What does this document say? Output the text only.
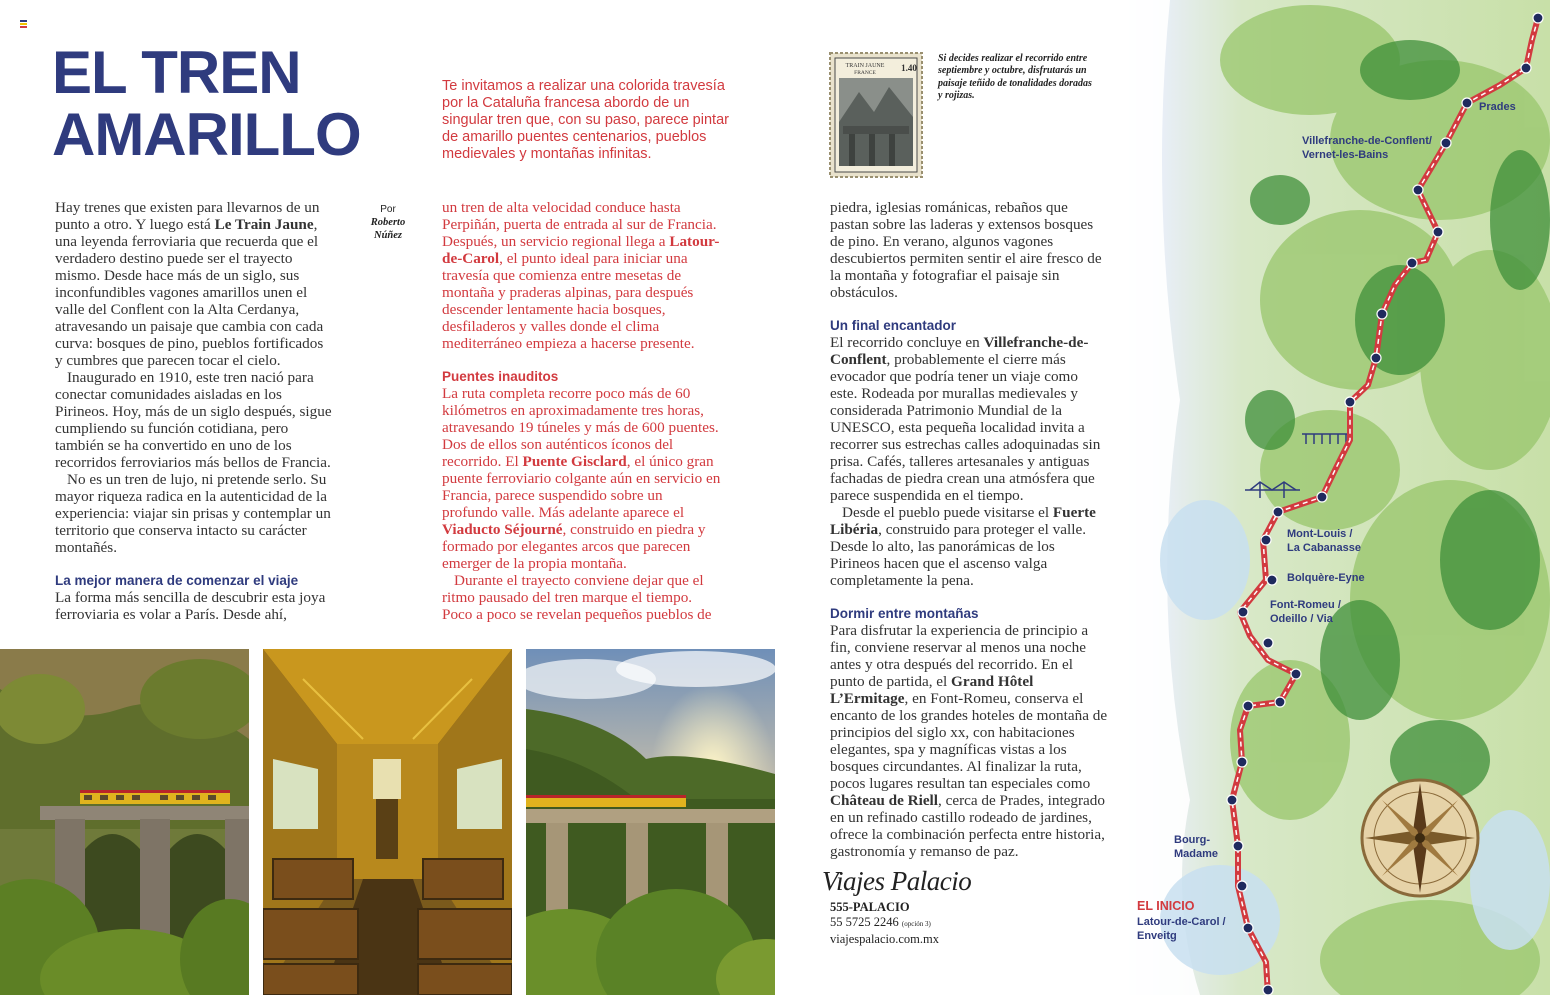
EL TREN
AMARILLO
Te invitamos a realizar una colorida travesía por la Cataluña francesa abordo de un singular tren que, con su paso, parece pintar de amarillo puentes centenarios, pueblos medievales y montañas infinitas.
Por
Roberto Núñez

Hay trenes que existen para llevarnos de un punto a otro. Y luego está Le Train Jaune, una leyenda ferroviaria que recuerda que el verdadero destino puede ser el trayecto mismo. Desde hace más de un siglo, sus inconfundibles vagones amarillos unen el valle del Conflent con la Alta Cerdanya, atravesando un paisaje que cambia con cada curva: bosques de pino, pueblos fortificados y cumbres que parecen tocar el cielo.

Inaugurado en 1910, este tren nació para conectar comunidades aisladas en los Pirineos. Hoy, más de un siglo después, sigue cumpliendo su función cotidiana, pero también se ha convertido en uno de los recorridos ferroviarios más bellos de Francia.

No es un tren de lujo, ni pretende serlo. Su mayor riqueza radica en la autenticidad de la experiencia: viajar sin prisas y contemplar un territorio que conserva intacto su carácter montañés.

La mejor manera de comenzar el viaje

La forma más sencilla de descubrir esta joya ferroviaria es volar a París. Desde ahí,

un tren de alta velocidad conduce hasta Perpiñán, puerta de entrada al sur de Francia. Después, un servicio regional llega a Latour-de-Carol, el punto ideal para iniciar una travesía que comienza entre mesetas de montaña y praderas alpinas, para después descender lentamente hacia bosques, desfiladeros y valles donde el clima mediterráneo empieza a hacerse presente.

Puentes inauditos

La ruta completa recorre poco más de 60 kilómetros en aproximadamente tres horas, atravesando 19 túneles y más de 600 puentes. Dos de ellos son auténticos íconos del recorrido. El Puente Gisclard, el único gran puente ferroviario colgante aún en servicio en Francia, parece suspendido sobre un profundo valle. Más adelante aparece el Viaducto Séjourné, construido en piedra y formado por elegantes arcos que parecen emerger de la propia montaña.

Durante el trayecto conviene dejar que el ritmo pausado del tren marque el tiempo. Poco a poco se revelan pequeños pueblos de

piedra, iglesias románicas, rebaños que pastan sobre las laderas y extensos bosques de pino. En verano, algunos vagones descubiertos permiten sentir el aire fresco de la montaña y fotografiar el paisaje sin obstáculos.

Un final encantador

El recorrido concluye en Villefranche-de-Conflent, probablemente el cierre más evocador que podría tener un viaje como este. Rodeada por murallas medievales y considerada Patrimonio Mundial de la UNESCO, esta pequeña localidad invita a recorrer sus estrechas calles adoquinadas sin prisa. Cafés, talleres artesanales y antiguas fachadas de piedra crean una atmósfera que parece suspendida en el tiempo.

Desde el pueblo puede visitarse el Fuerte Libéria, construido para proteger el valle. Desde lo alto, las panorámicas de los Pirineos hacen que el ascenso valga completamente la pena.

Dormir entre montañas

Para disfrutar la experiencia de principio a fin, conviene reservar al menos una noche antes y otra después del recorrido. En el punto de partida, el Grand Hôtel L’Ermitage, en Font-Romeu, conserva el encanto de los grandes hoteles de montaña de principios del siglo xx, con habitaciones elegantes, spa y magníficas vistas a los bosques circundantes. Al finalizar la ruta, pocos lugares resultan tan especiales como Château de Riell, cerca de Prades, integrado en un refinado castillo rodeado de jardines, ofrece la combinación perfecta entre historia, gastronomía y remanso de paz.

TRAIN JAUNE
FRANCE	1.40
Si decides realizar el recorrido entre septiembre y octubre, disfrutarás un paisaje teñido de tonalidades doradas y rojizas.
Viajes Palacio
555-PALACIO
55 5725 2246 (opción 3)
viajespalacio.com.mx
Prades
Villefranche-de-Conflent/
Vernet-les-Bains
Mont-Louis /
La Cabanasse
Bolquère-Eyne
Font-Romeu /
Odeillo / Via
Bourg-
Madame
EL INICIO
Latour-de-Carol /
Enveitg
